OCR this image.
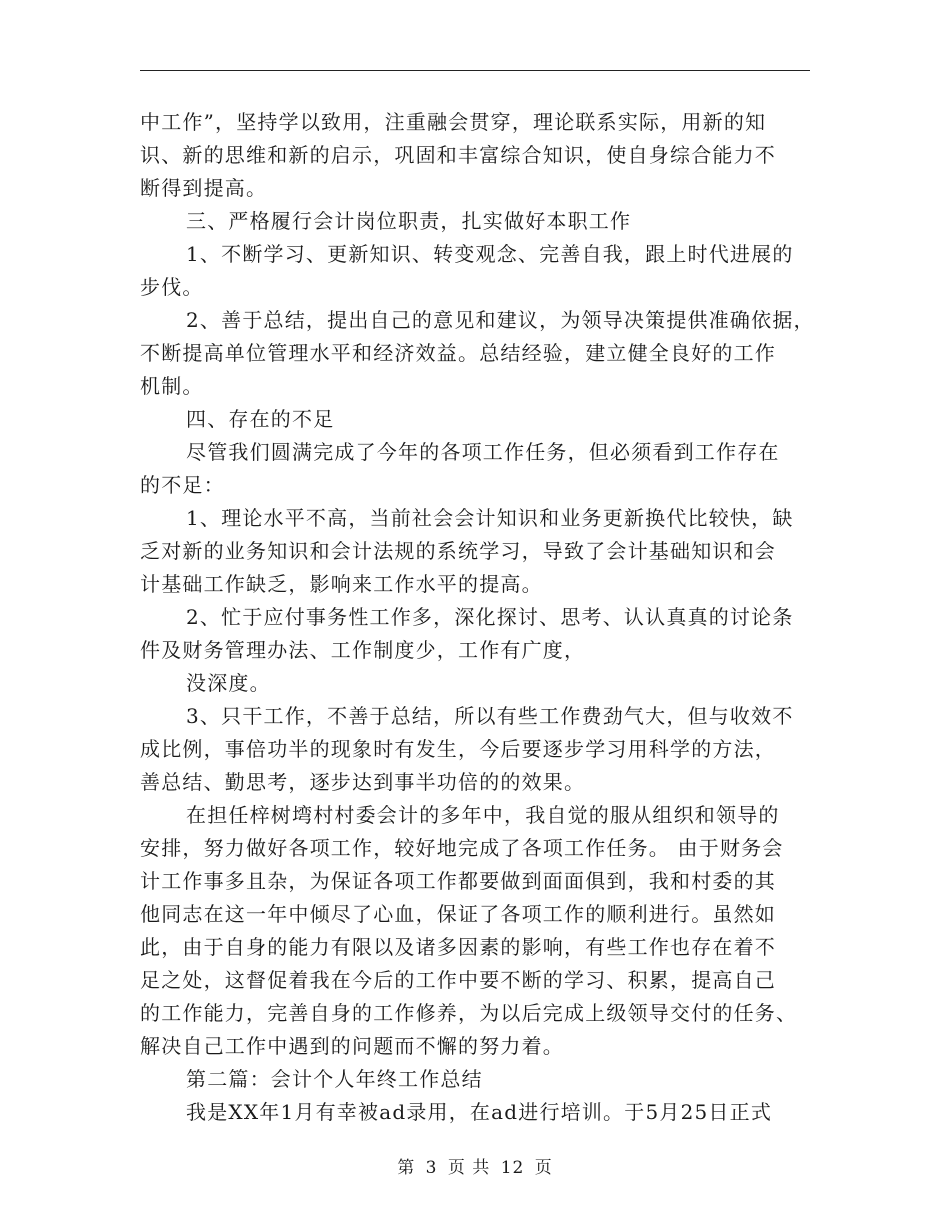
中工作”，坚持学以致用，注重融会贯穿，理论联系实际，用新的知
识、新的思维和新的启示，巩固和丰富综合知识，使自身综合能力不
断得到提高。
三、严格履行会计岗位职责，扎实做好本职工作
1、不断学习、更新知识、转变观念、完善自我，跟上时代进展的
步伐。
2、善于总结，提出自己的意见和建议，为领导决策提供准确依据，
不断提高单位管理水平和经济效益。总结经验，建立健全良好的工作
机制。
四、存在的不足
尽管我们圆满完成了今年的各项工作任务，但必须看到工作存在
的不足：
1、理论水平不高，当前社会会计知识和业务更新换代比较快，缺
乏对新的业务知识和会计法规的系统学习，导致了会计基础知识和会
计基础工作缺乏，影响来工作水平的提高。
2、忙于应付事务性工作多，深化探讨、思考、认认真真的讨论条
件及财务管理办法、工作制度少，工作有广度，
没深度。
3、只干工作，不善于总结，所以有些工作费劲气大，但与收效不
成比例，事倍功半的现象时有发生，今后要逐步学习用科学的方法，
善总结、勤思考，逐步达到事半功倍的的效果。
在担任梓树塆村村委会计的多年中，我自觉的服从组织和领导的
安排，努力做好各项工作，较好地完成了各项工作任务。 由于财务会
计工作事多且杂，为保证各项工作都要做到面面俱到，我和村委的其
他同志在这一年中倾尽了心血，保证了各项工作的顺利进行。虽然如
此，由于自身的能力有限以及诸多因素的影响，有些工作也存在着不
足之处，这督促着我在今后的工作中要不断的学习、积累，提高自己
的工作能力，完善自身的工作修养，为以后完成上级领导交付的任务、
解决自己工作中遇到的问题而不懈的努力着。
第二篇：会计个人年终工作总结
我是XX年1月有幸被ad录用，在ad进行培训。于5月25日正式
第 3 页 共 12 页
